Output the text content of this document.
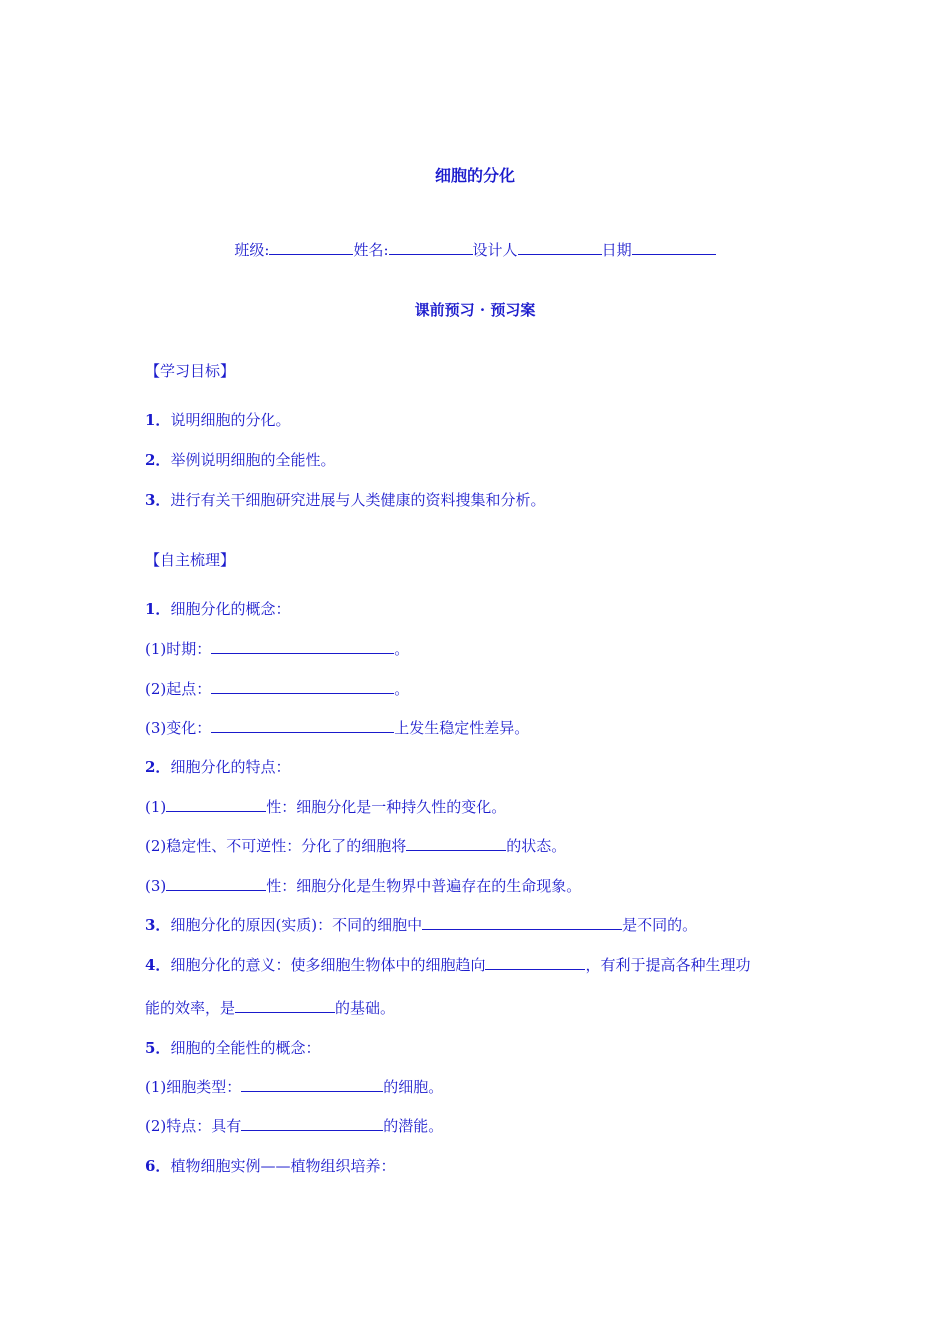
细胞的分化
班级:	姓名:	设计人	日期
课前预习 · 预习案
【学习目标】
1．说明细胞的分化。
2．举例说明细胞的全能性。
3．进行有关干细胞研究进展与人类健康的资料搜集和分析。
【自主梳理】
1．细胞分化的概念：
(1)时期：	。
(2)起点：	。
(3)变化：	上发生稳定性差异。
2．细胞分化的特点：
(1)	性：细胞分化是一种持久性的变化。
(2)稳定性、不可逆性：分化了的细胞将	的状态。
(3)	性：细胞分化是生物界中普遍存在的生命现象。
3．细胞分化的原因(实质)：不同的细胞中	是不同的。
4．细胞分化的意义：使多细胞生物体中的细胞趋向	，有利于提高各种生理功
能的效率，是	的基础。
5．细胞的全能性的概念：
(1)细胞类型：	的细胞。
(2)特点：具有	的潜能。
6．植物细胞实例——植物组织培养：
